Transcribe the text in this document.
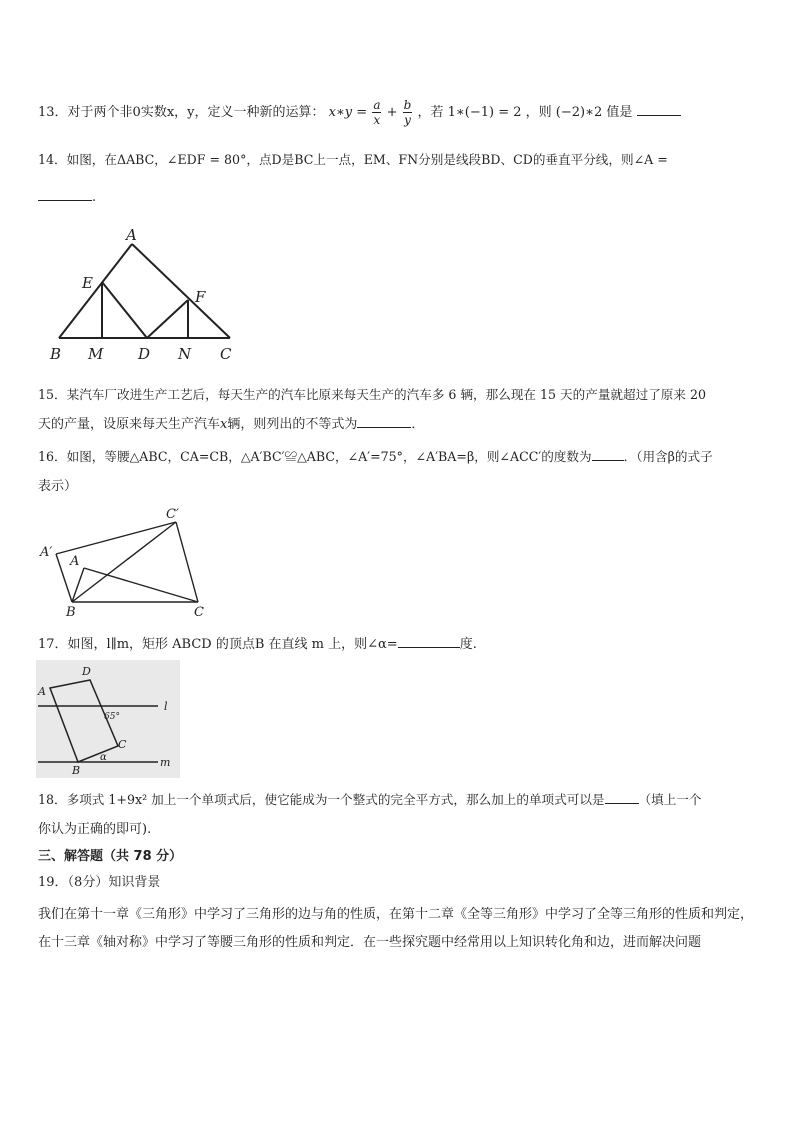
13．对于两个非0实数x，y，定义一种新的运算： x∗y = $\frac{a}{x} + \frac{b}{y}$ ，若 1∗(−1) = 2 ，则 (−2)∗2 值是
14．如图，在ΔABC，∠EDF = 80°，点D是BC上一点，EM、FN分别是线段BD、CD的垂直平分线，则∠A =
.
A
E
F
B M D N C
15．某汽车厂改进生产工艺后，每天生产的汽车比原来每天生产的汽车多 6 辆，那么现在 15 天的产量就超过了原来 20
天的产量，设原来每天生产汽车x辆，则列出的不等式为	．
16．如图，等腰△ABC，CA=CB，△A′BC′≌△ABC，∠A′=75°，∠A′BA=β，则∠ACC′的度数为	．（用含β的式子
表示）
C′
A′
A
B	C
17．如图，l∥m，矩形 ABCD 的顶点B 在直线 m 上，则∠α=	度.
D
A
l
65°
C
m
B
α
18．多项式 1+9x² 加上一个单项式后，使它能成为一个整式的完全平方式，那么加上的单项式可以是	（填上一个
你认为正确的即可).
三、解答题（共 78 分）
19．（8分）知识背景
我们在第十一章《三角形》中学习了三角形的边与角的性质，在第十二章《全等三角形》中学习了全等三角形的性质和判定，在十三章《轴对称》中学习了等腰三角形的性质和判定．在一些探究题中经常用以上知识转化角和边，进而解决问题
